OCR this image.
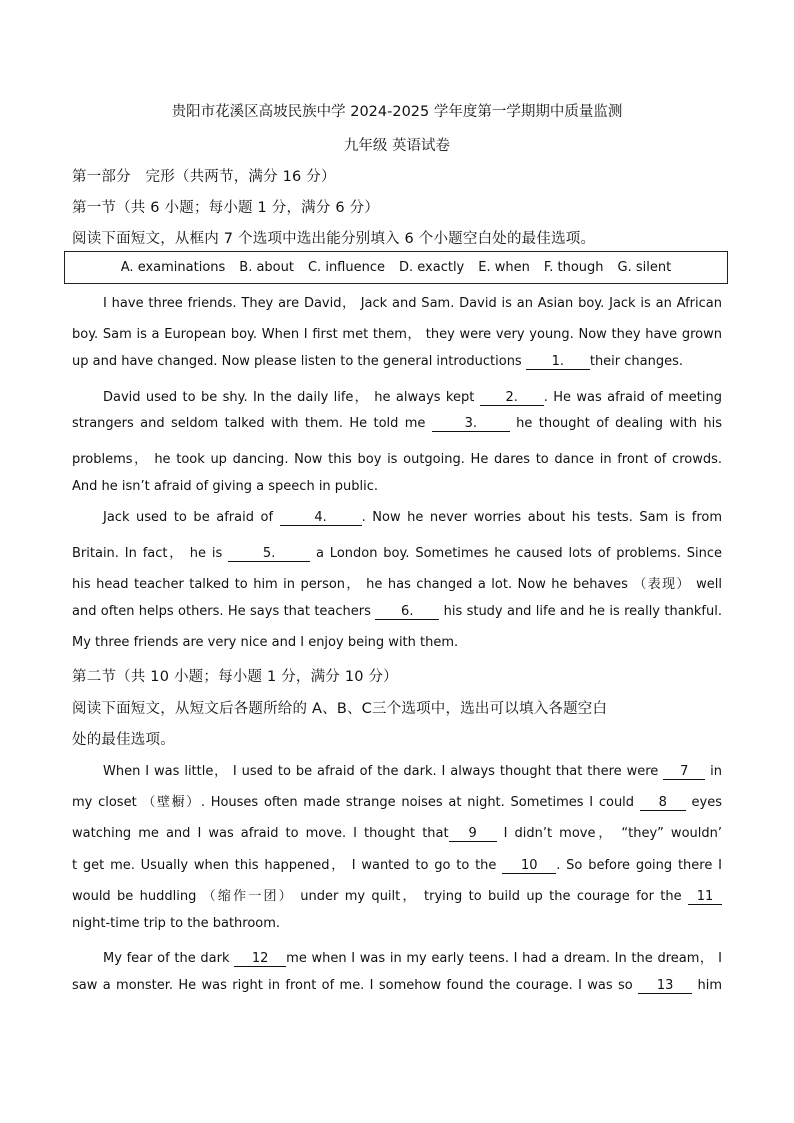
贵阳市花溪区高坡民族中学 2024-2025 学年度第一学期期中质量监测
九年级 英语试卷
第一部分　完形（共两节，满分 16 分）
第一节（共 6 小题；每小题 1 分，满分 6 分）
阅读下面短文，从框内 7 个选项中选出能分别填入 6 个小题空白处的最佳选项。
A. examinations B. about C. influence D. exactly E. when F. though G. silent
I have three friends. They are David， Jack and Sam. David is an Asian boy. Jack is an African
boy. Sam is a European boy. When I first met them， they were very young. Now they have grown
up and have changed. Now please listen to the general introductions 1. their changes.
David used to be shy. In the daily life， he always kept 2. . He was afraid of meeting
strangers and seldom talked with them. He told me	3.	he thought of dealing with his
problems， he took up dancing. Now this boy is outgoing. He dares to dance in front of crowds.
And he isn’t afraid of giving a speech in public.
Jack used to be afraid of	4.	. Now he never worries about his tests. Sam is from
Britain. In fact， he is	5.	a London boy. Sometimes he caused lots of problems. Since
his head teacher talked to him in person， he has changed a lot. Now he behaves （表现） well
and often helps others. He says that teachers 6. his study and life and he is really thankful.
My three friends are very nice and I enjoy being with them.
第二节（共 10 小题；每小题 1 分，满分 10 分）
阅读下面短文，从短文后各题所给的 A、B、C三个选项中，选出可以填入各题空白
处的最佳选项。
When I was little， I used to be afraid of the dark. I always thought that there were 7 in
my closet （壁橱）. Houses often made strange noises at night. Sometimes I could 8 eyes
watching me and I was afraid to move. I thought that 9 I didn’t move， “they” wouldn’
t get me. Usually when this happened， I wanted to go to the 10 . So before going there I
would be huddling （缩作一团） under my quilt， trying to build up the courage for the 11
night-time trip to the bathroom.
My fear of the dark 12 me when I was in my early teens. I had a dream. In the dream， I
saw a monster. He was right in front of me. I somehow found the courage. I was so 13 him
